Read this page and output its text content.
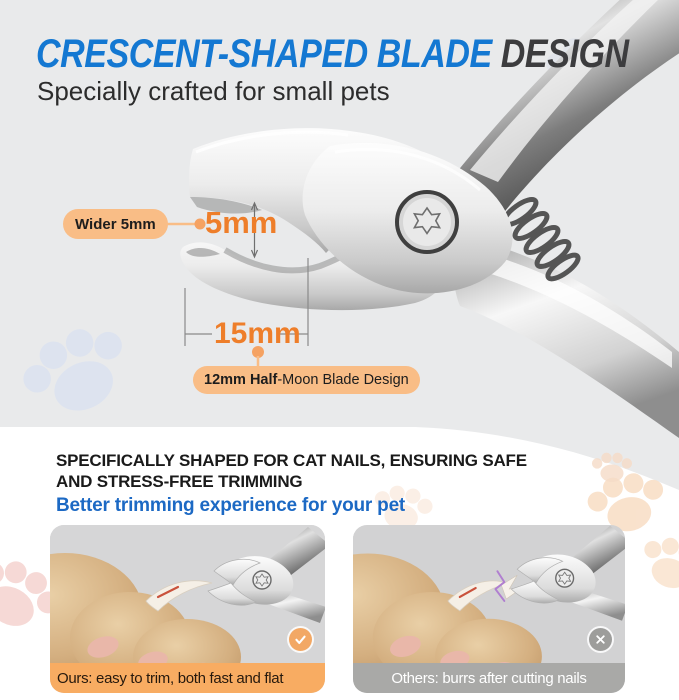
CRESCENT-SHAPED BLADE DESIGN
Specially crafted for small pets
Wider 5mm	5mm
15mm
12mm Half -Moon Blade Design
SPECIFICALLY SHAPED FOR CAT NAILS, ENSURING SAFE
AND STRESS-FREE TRIMMING
Better trimming experience for your pet
Ours: easy to trim, both fast and flat	Others: burrs after cutting nails
